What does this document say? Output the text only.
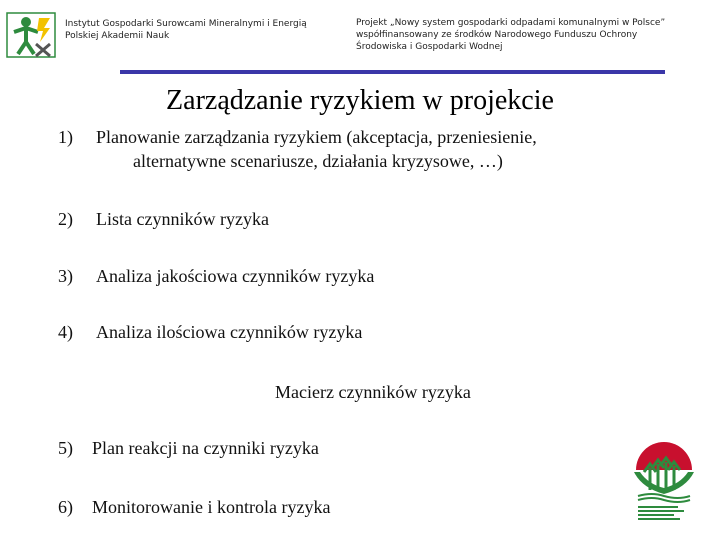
Instytut Gospodarki Surowcami Mineralnymi i Energią
Polskiej Akademii Nauk
Projekt „Nowy system gospodarki odpadami komunalnymi w Polsce”
współfinansowany ze środków Narodowego Funduszu Ochrony
Środowiska i Gospodarki Wodnej
Zarządzanie ryzykiem w projekcie
1) Planowanie zarządzania ryzykiem (akceptacja, przeniesienie,
alternatywne scenariusze, działania kryzysowe, …)
2) Lista czynników ryzyka
3) Analiza jakościowa czynników ryzyka
4) Analiza ilościowa czynników ryzyka
Macierz czynników ryzyka
5) Plan reakcji na czynniki ryzyka
6) Monitorowanie i kontrola ryzyka
